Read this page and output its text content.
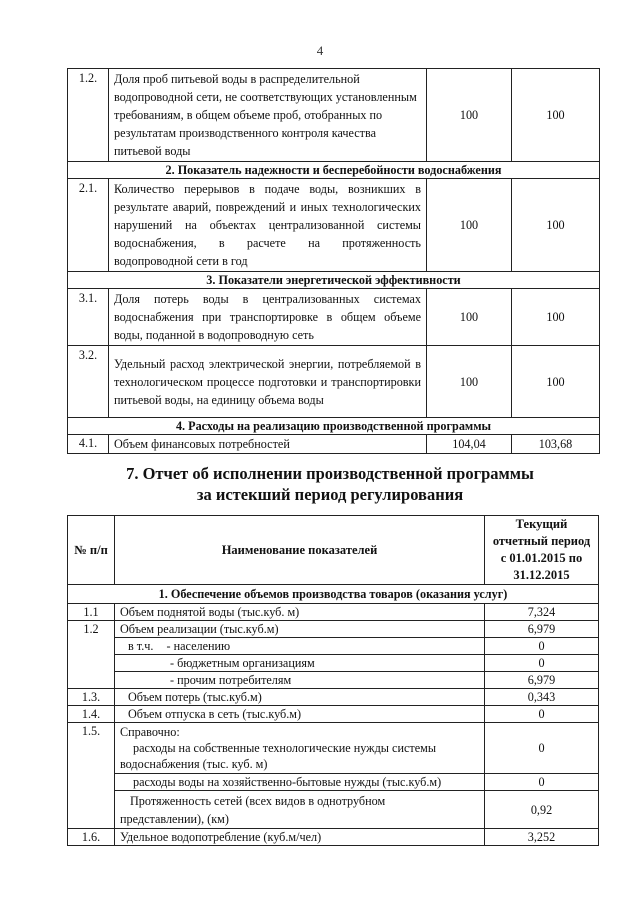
4
1.2.	Доля проб питьевой воды в распределительной водопроводной сети, не соответствующих установленным требованиям, в общем объеме проб, отобранных по результатам производственного контроля качества питьевой воды	100	100
2. Показатель надежности и бесперебойности водоснабжения			
2.1.	Количество перерывов в подаче воды, возникших в результате аварий, повреждений и иных технологических нарушений на объектах централизованной системы водоснабжения, в расчете на протяженность водопроводной сети в год	100	100
3. Показатели энергетической эффективности			
3.1.	Доля потерь воды в централизованных системах водоснабжения при транспортировке в общем объеме воды, поданной в водопроводную сеть	100	100
3.2.	Удельный расход электрической энергии, потребляемой в технологическом процессе подготовки и транспортировки питьевой воды, на единицу объема воды	100	100
4. Расходы на реализацию производственной программы			
4.1.	Объем финансовых потребностей	104,04	103,68
7. Отчет об исполнении производственной программы
за истекший период регулирования
№ п/п	Наименование показателей	Текущий
отчетный период
с 01.01.2015 по
31.12.2015

1. Обеспечение объемов производства товаров (оказания услуг)		
1.1	Объем поднятой воды (тыс.куб. м)	7,324
1.2	Объем реализации (тыс.куб.м)	6,979
	в т.ч. - населению	0
	- бюджетным организациям	0
	- прочим потребителям	6,979
1.3.	Объем потерь (тыс.куб.м)	0,343
1.4.	Объем отпуска в сеть (тыс.куб.м)	0
1.5.	Справочно:
расходы на собственные технологические нужды системы
водоснабжения (тыс. куб. м)	0
	расходы воды на хозяйственно-бытовые нужды (тыс.куб.м)	0

	Протяженность сетей (всех видов в однотрубном
представлении), (км)	0,92
1.6.	Удельное водопотребление (куб.м/чел)	3,252
